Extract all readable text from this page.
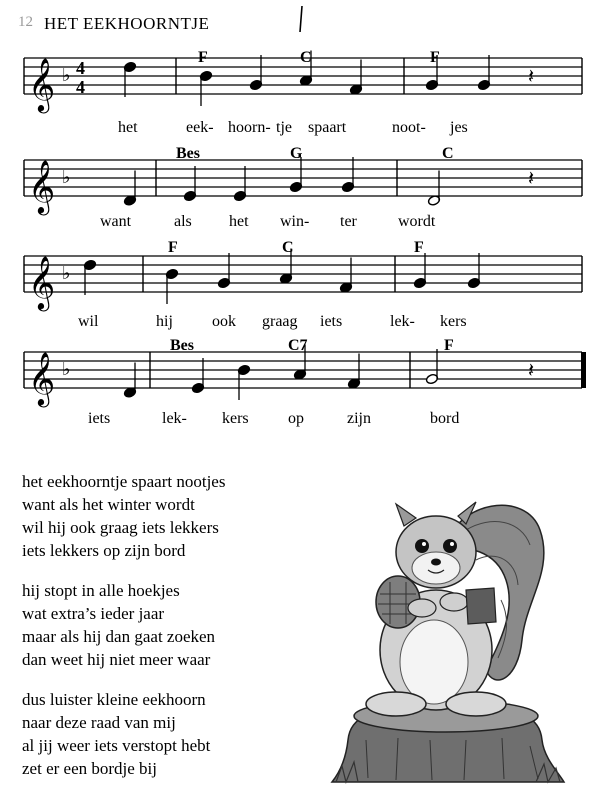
12 HET EEKHOORNTJE
𝄞 ♭ 4
4	𝄽
F	C	F
het	eek- hoorn- tje spaart	noot- jes
𝄞 ♭	𝄽
Bes	G	C
want	als het win- ter	wordt
𝄞 ♭
F	C	F
wil	hij ook graag iets	lek- kers
𝄞 ♭	𝄽
Bes	C7	F
iets	lek- kers op	zijn	bord
het eekhoorntje spaart nootjes
want als het winter wordt
wil hij ook graag iets lekkers
iets lekkers op zijn bord
hij stopt in alle hoekjes
wat extra’s ieder jaar
maar als hij dan gaat zoeken
dan weet hij niet meer waar
dus luister kleine eekhoorn
naar deze raad van mij
al jij weer iets verstopt hebt
zet er een bordje bij
